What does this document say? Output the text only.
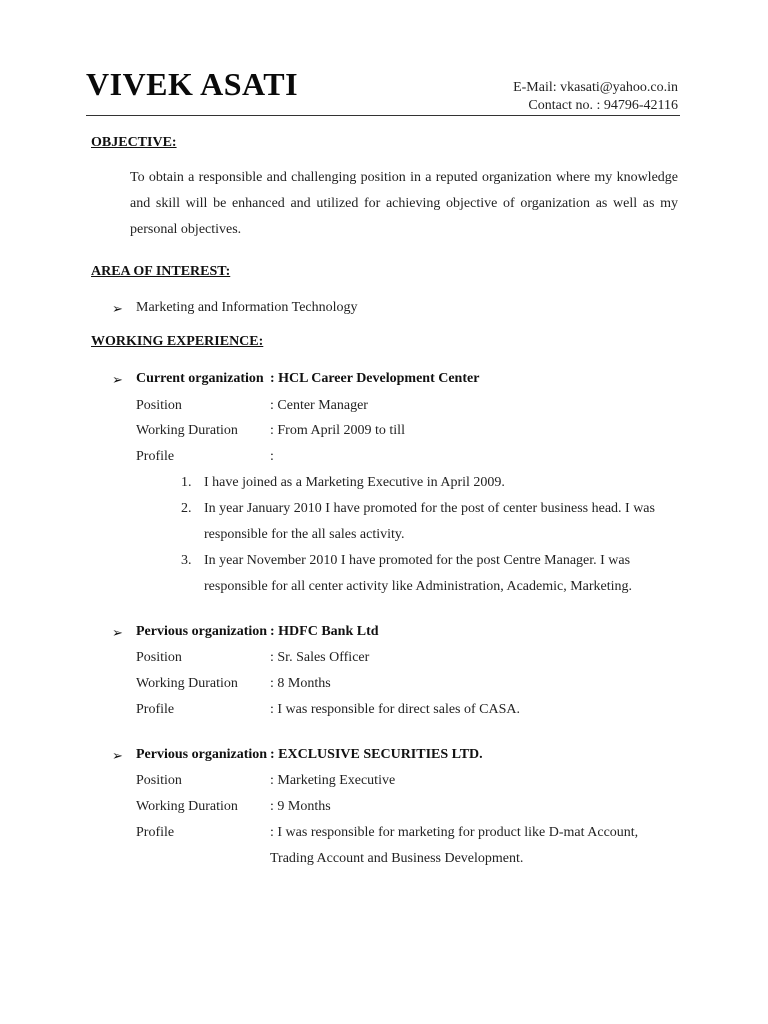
VIVEK ASATI	E-Mail: vkasati@yahoo.co.in
Contact no. : 94796-42116
OBJECTIVE:
To obtain a responsible and challenging position in a reputed organization where my knowledge and skill will be enhanced and utilized for achieving objective of organization as well as my personal objectives.
AREA OF INTEREST:
➢ Marketing and Information Technology
WORKING EXPERIENCE:
➢ Current organization : HCL Career Development Center
Position	: Center Manager
Working Duration : From April 2009 to till
Profile	:
1. I have joined as a Marketing Executive in April 2009.
2. In year January 2010 I have promoted for the post of center business head. I was responsible for the all sales activity.
3. In year November 2010 I have promoted for the post Centre Manager. I was responsible for all center activity like Administration, Academic, Marketing.
➢ Pervious organization : HDFC Bank Ltd
Position	: Sr. Sales Officer
Working Duration : 8 Months
Profile	: I was responsible for direct sales of CASA.
➢ Pervious organization : EXCLUSIVE SECURITIES LTD.
Position	: Marketing Executive
Working Duration : 9 Months
Profile	: I was responsible for marketing for product like D-mat Account,
Trading Account and Business Development.
